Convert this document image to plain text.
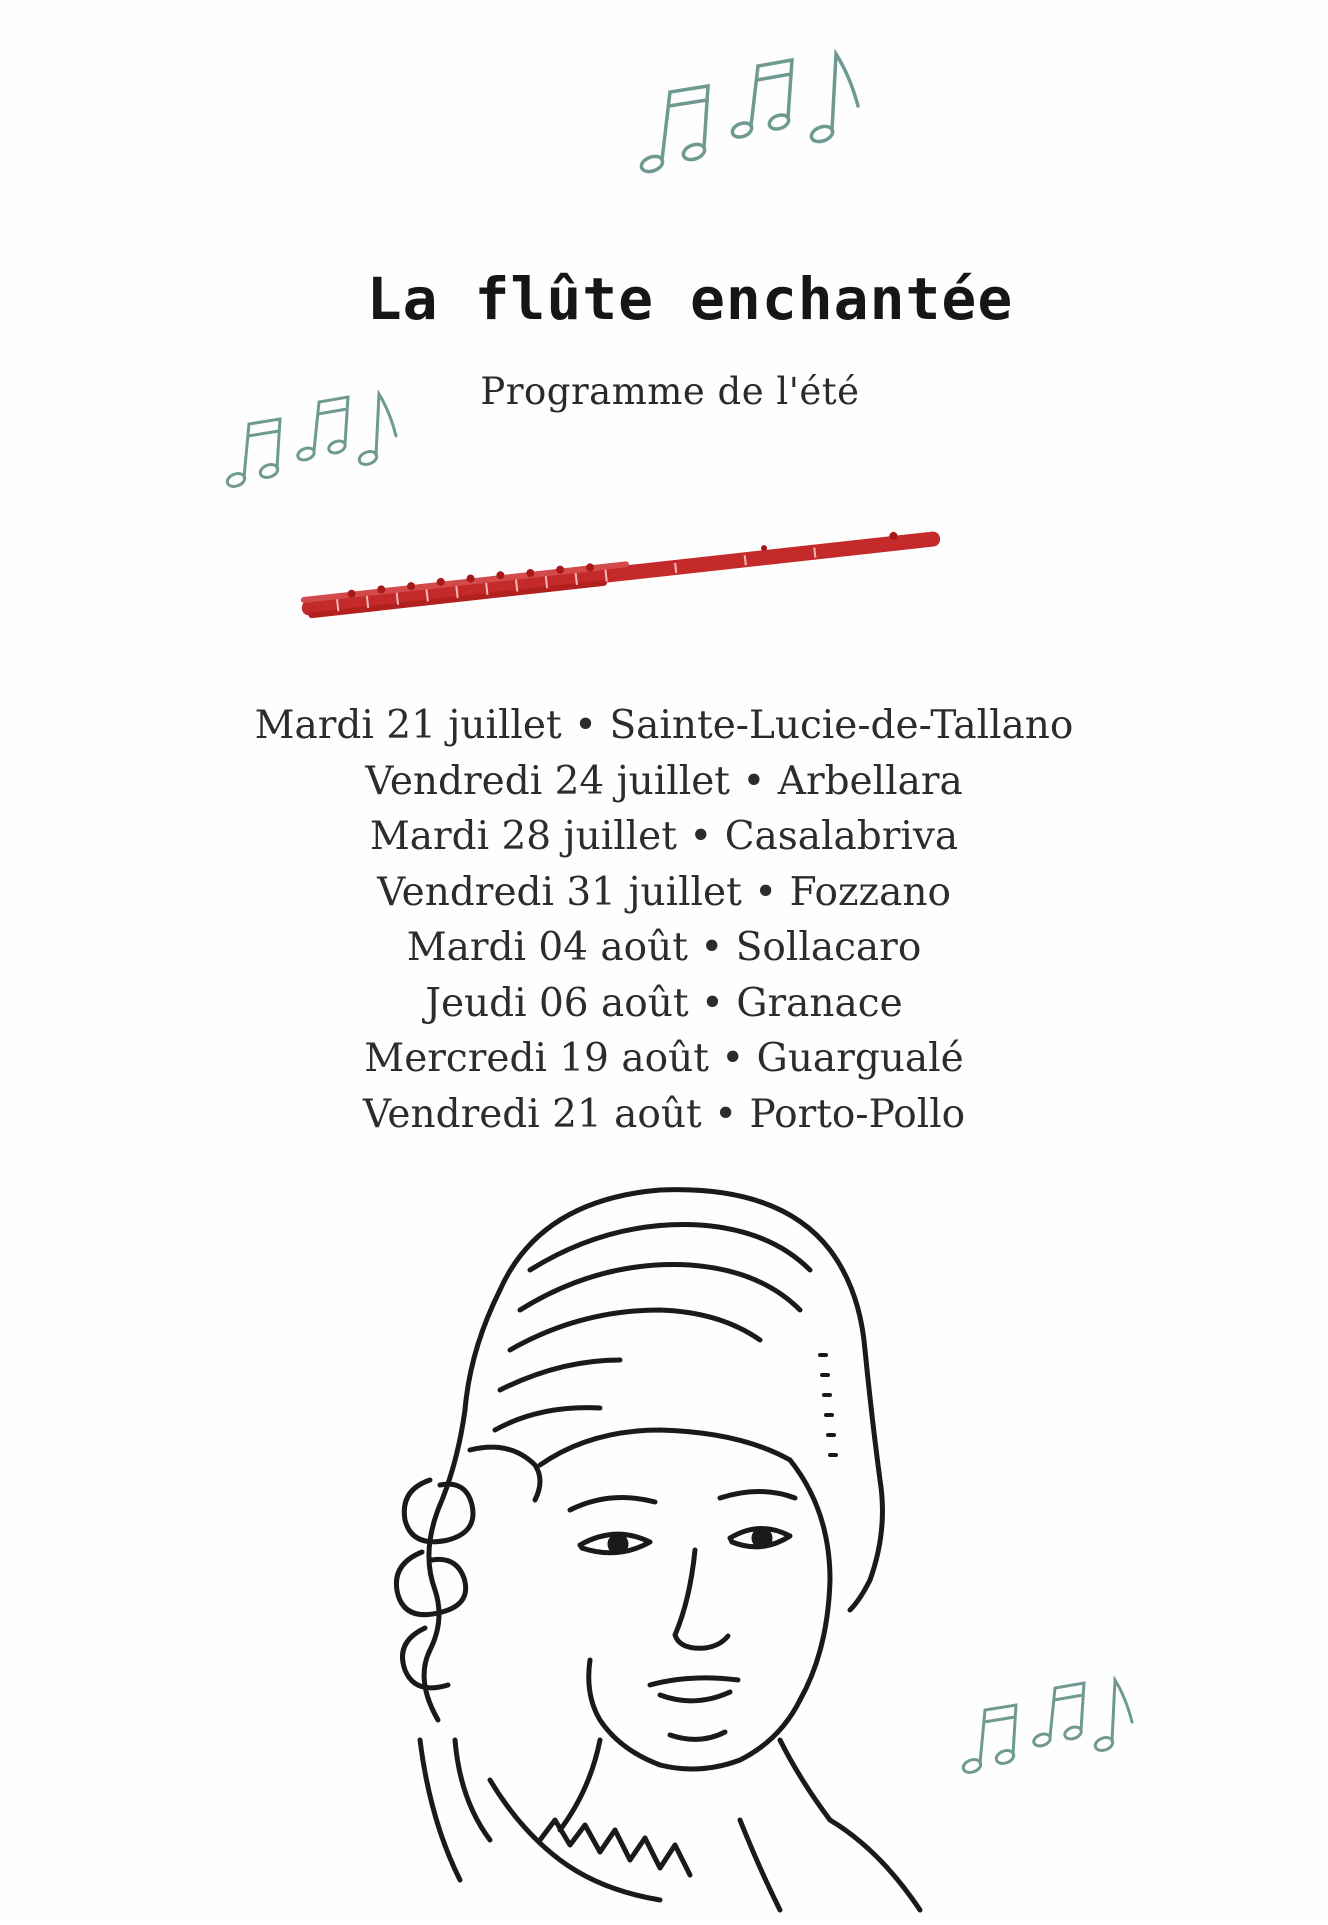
La flûte enchantée
Programme de l'été
Mardi 21 juillet • Sainte-Lucie-de-Tallano
Vendredi 24 juillet • Arbellara
Mardi 28 juillet • Casalabriva
Vendredi 31 juillet • Fozzano
Mardi 04 août • Sollacaro
Jeudi 06 août • Granace
Mercredi 19 août • Guargualé
Vendredi 21 août • Porto-Pollo
